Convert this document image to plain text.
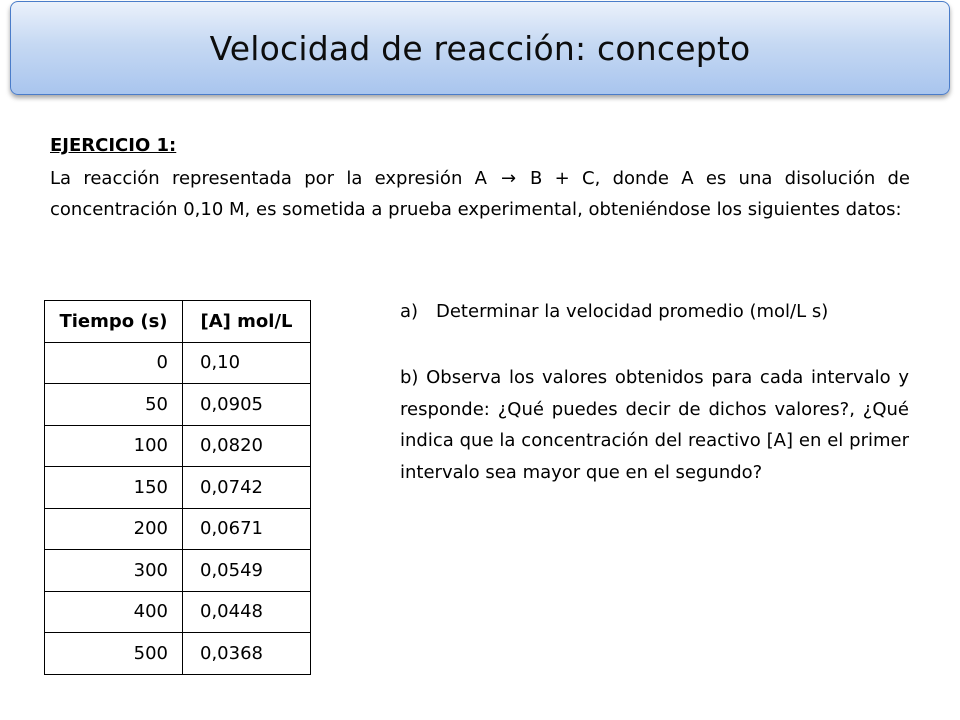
Velocidad de reacción: concepto
EJERCICIO 1:

La reacción representada por la expresión A → B + C, donde A es una disolución de concentración 0,10 M, es sometida a prueba experimental, obteniéndose los siguientes datos:

Tiempo (s)	[A] mol/L
0	0,10
50	0,0905
100	0,0820
150	0,0742
200	0,0671
300	0,0549
400	0,0448
500	0,0368

a) Determinar la velocidad promedio (mol/L s)

b) Observa los valores obtenidos para cada intervalo y responde: ¿Qué puedes decir de dichos valores?, ¿Qué indica que la concentración del reactivo [A] en el primer intervalo sea mayor que en el segundo?
